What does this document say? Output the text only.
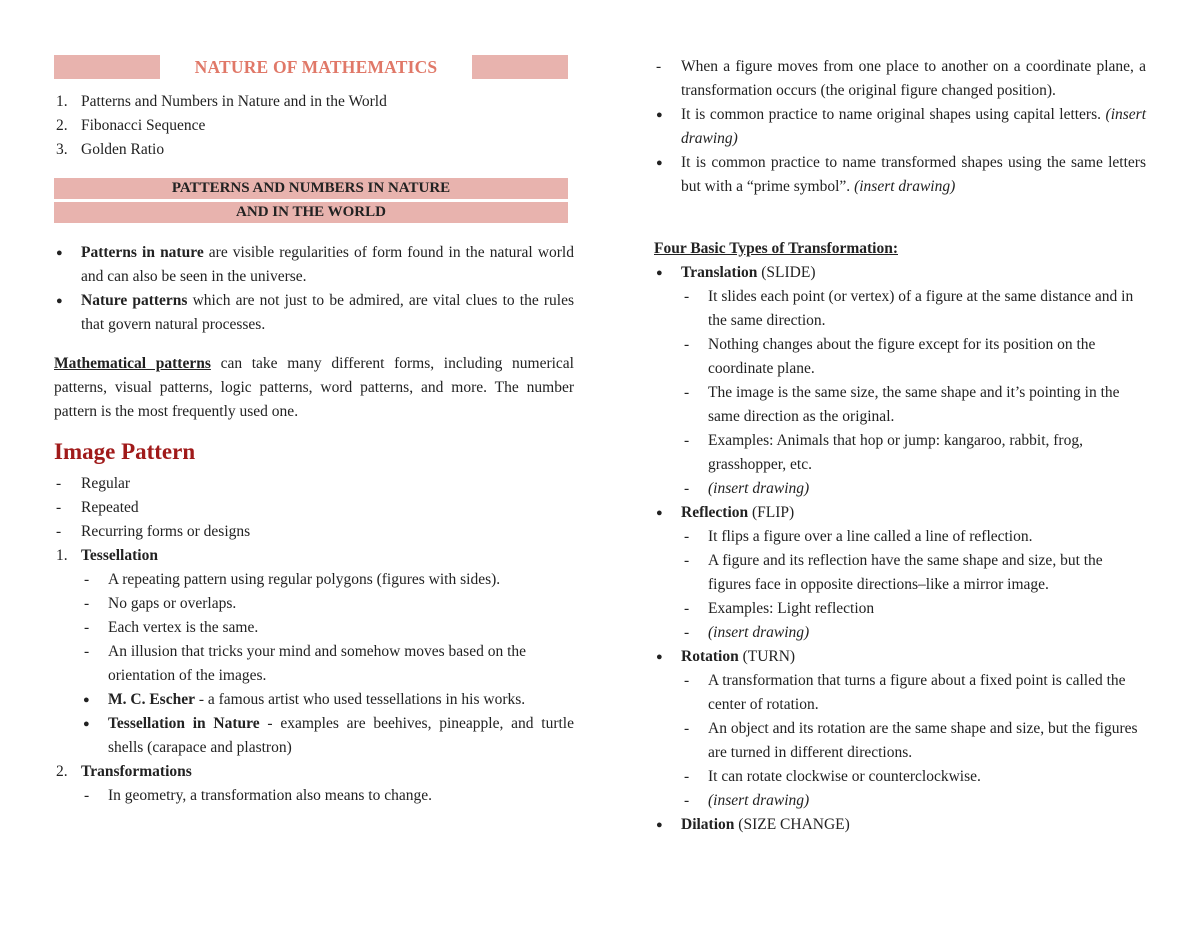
NATURE OF MATHEMATICS
1. Patterns and Numbers in Nature and in the World
2. Fibonacci Sequence
3. Golden Ratio
PATTERNS AND NUMBERS IN NATURE
AND IN THE WORLD
● Patterns in nature are visible regularities of form found in the natural world and can also be seen in the universe.
● Nature patterns which are not just to be admired, are vital clues to the rules that govern natural processes.
Mathematical patterns can take many different forms, including numerical patterns, visual patterns, logic patterns, word patterns, and more. The number pattern is the most frequently used one.
Image Pattern
- Regular
- Repeated
- Recurring forms or designs
1. Tessellation
- A repeating pattern using regular polygons (figures with sides).
- No gaps or overlaps.
- Each vertex is the same.
- An illusion that tricks your mind and somehow moves based on the orientation of the images.
● M. C. Escher - a famous artist who used tessellations in his works.
● Tessellation in Nature - examples are beehives, pineapple, and turtle shells (carapace and plastron)
2. Transformations
- In geometry, a transformation also means to change.
- When a figure moves from one place to another on a coordinate plane, a transformation occurs (the original figure changed position).
● It is common practice to name original shapes using capital letters. (insert drawing)
● It is common practice to name transformed shapes using the same letters but with a “prime symbol”. (insert drawing)
Four Basic Types of Transformation:
● Translation (SLIDE)
- It slides each point (or vertex) of a figure at the same distance and in the same direction.
- Nothing changes about the figure except for its position on the coordinate plane.
- The image is the same size, the same shape and it’s pointing in the same direction as the original.
- Examples: Animals that hop or jump: kangaroo, rabbit, frog, grasshopper, etc.
- (insert drawing)
● Reflection (FLIP)
- It flips a figure over a line called a line of reflection.
- A figure and its reflection have the same shape and size, but the figures face in opposite directions–like a mirror image.
- Examples: Light reflection
- (insert drawing)
● Rotation (TURN)
- A transformation that turns a figure about a fixed point is called the center of rotation.
- An object and its rotation are the same shape and size, but the figures are turned in different directions.
- It can rotate clockwise or counterclockwise.
- (insert drawing)
● Dilation (SIZE CHANGE)
